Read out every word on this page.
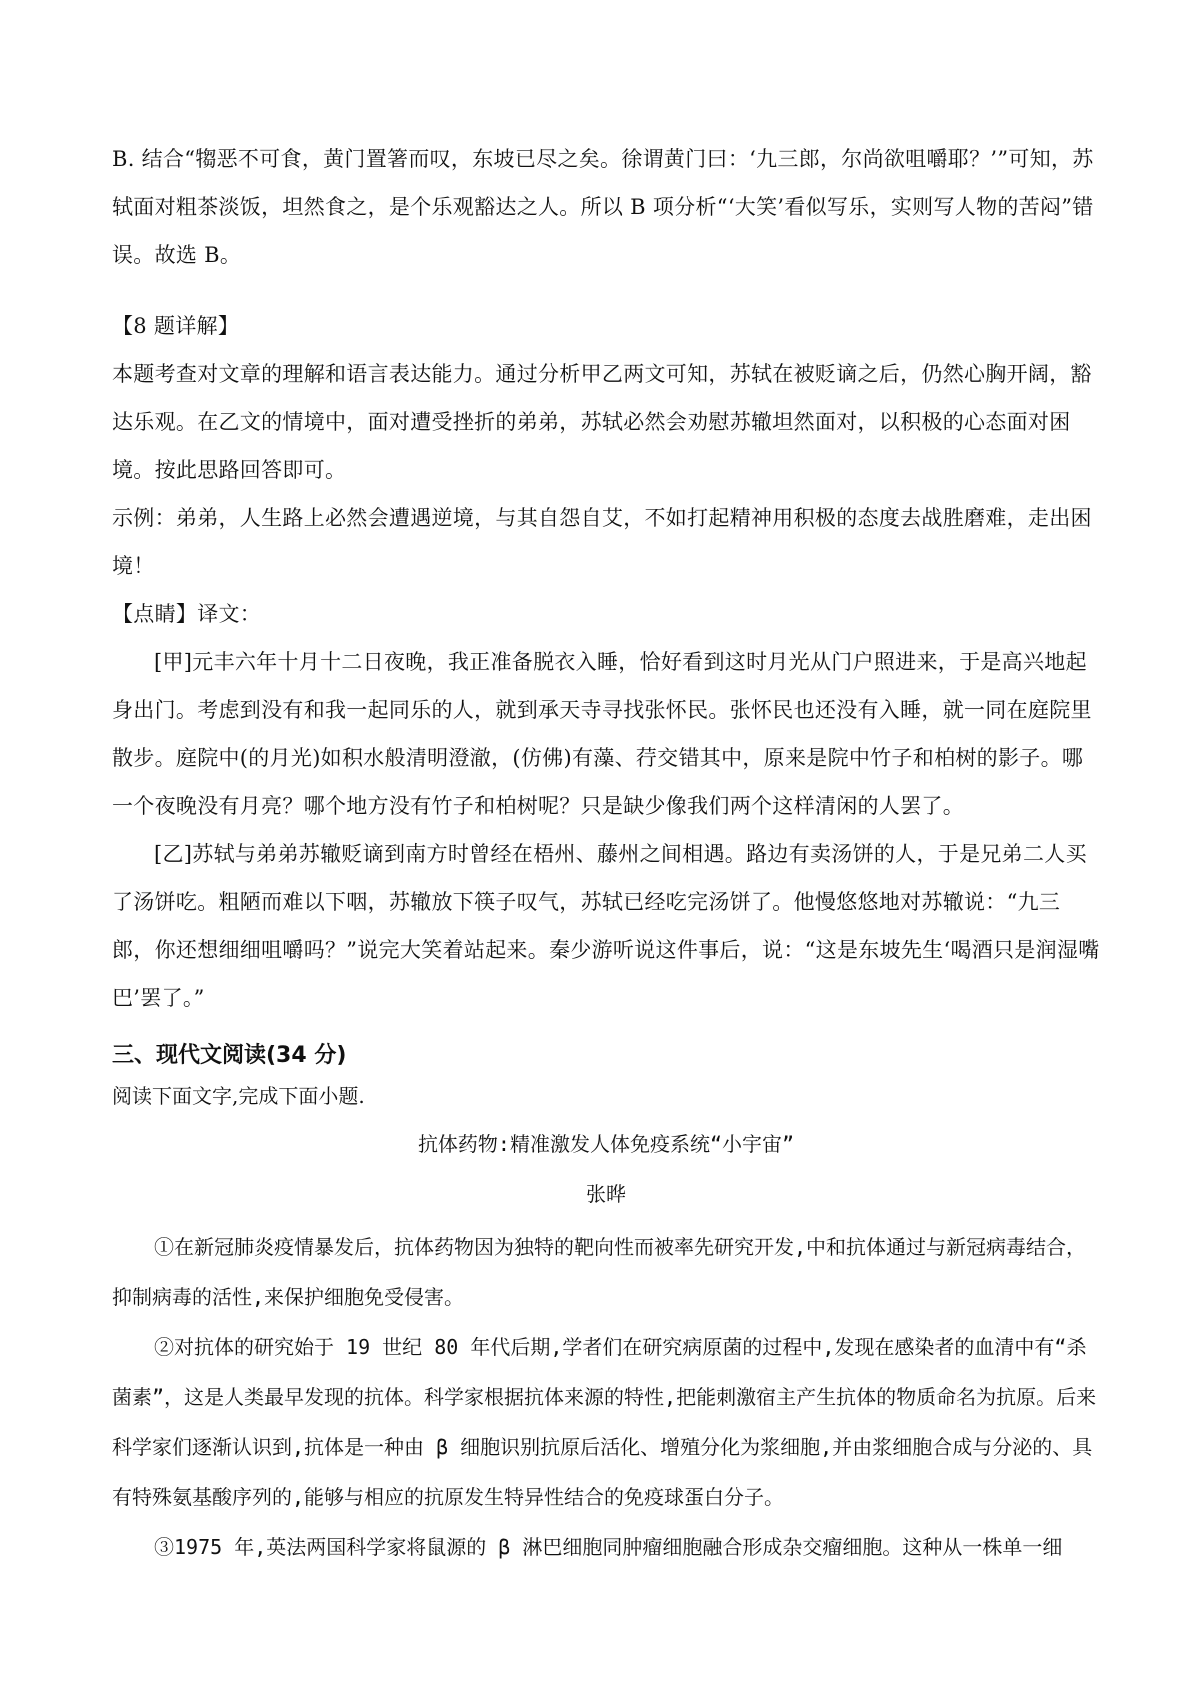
B. 结合“犓恶不可食，黄门置箸而叹，东坡已尽之矣。徐谓黄门曰：‘九三郎，尔尚欲咀嚼耶？’”可知，苏轼面对粗茶淡饭，坦然食之，是个乐观豁达之人。所以 B 项分析“‘大笑’看似写乐，实则写人物的苦闷”错误。故选 B。

【8 题详解】

本题考查对文章的理解和语言表达能力。通过分析甲乙两文可知，苏轼在被贬谪之后，仍然心胸开阔，豁达乐观。在乙文的情境中，面对遭受挫折的弟弟，苏轼必然会劝慰苏辙坦然面对，以积极的心态面对困境。按此思路回答即可。

示例：弟弟，人生路上必然会遭遇逆境，与其自怨自艾，不如打起精神用积极的态度去战胜磨难，走出困境！

【点睛】译文：

[甲]元丰六年十月十二日夜晚，我正准备脱衣入睡，恰好看到这时月光从门户照进来，于是高兴地起身出门。考虑到没有和我一起同乐的人，就到承天寺寻找张怀民。张怀民也还没有入睡，就一同在庭院里散步。庭院中(的月光)如积水般清明澄澈，(仿佛)有藻、荇交错其中，原来是院中竹子和柏树的影子。哪一个夜晚没有月亮？哪个地方没有竹子和柏树呢？只是缺少像我们两个这样清闲的人罢了。

[乙]苏轼与弟弟苏辙贬谪到南方时曾经在梧州、藤州之间相遇。路边有卖汤饼的人，于是兄弟二人买了汤饼吃。粗陋而难以下咽，苏辙放下筷子叹气，苏轼已经吃完汤饼了。他慢悠悠地对苏辙说：“九三郎，你还想细细咀嚼吗？”说完大笑着站起来。秦少游听说这件事后，说：“这是东坡先生‘喝酒只是润湿嘴巴’罢了。”

三、现代文阅读(34 分)

阅读下面文字,完成下面小题.

抗体药物:精准激发人体免疫系统“小宇宙”

张晔

①在新冠肺炎疫情暴发后，抗体药物因为独特的靶向性而被率先研究开发,中和抗体通过与新冠病毒结合，抑制病毒的活性,来保护细胞免受侵害。

②对抗体的研究始于 19 世纪 80 年代后期,学者们在研究病原菌的过程中,发现在感染者的血清中有“杀菌素”，这是人类最早发现的抗体。科学家根据抗体来源的特性,把能刺激宿主产生抗体的物质命名为抗原。后来科学家们逐渐认识到,抗体是一种由 β 细胞识别抗原后活化、增殖分化为浆细胞,并由浆细胞合成与分泌的、具有特殊氨基酸序列的,能够与相应的抗原发生特异性结合的免疫球蛋白分子。

③1975 年,英法两国科学家将鼠源的 β 淋巴细胞同肿瘤细胞融合形成杂交瘤细胞。这种从一株单一细
